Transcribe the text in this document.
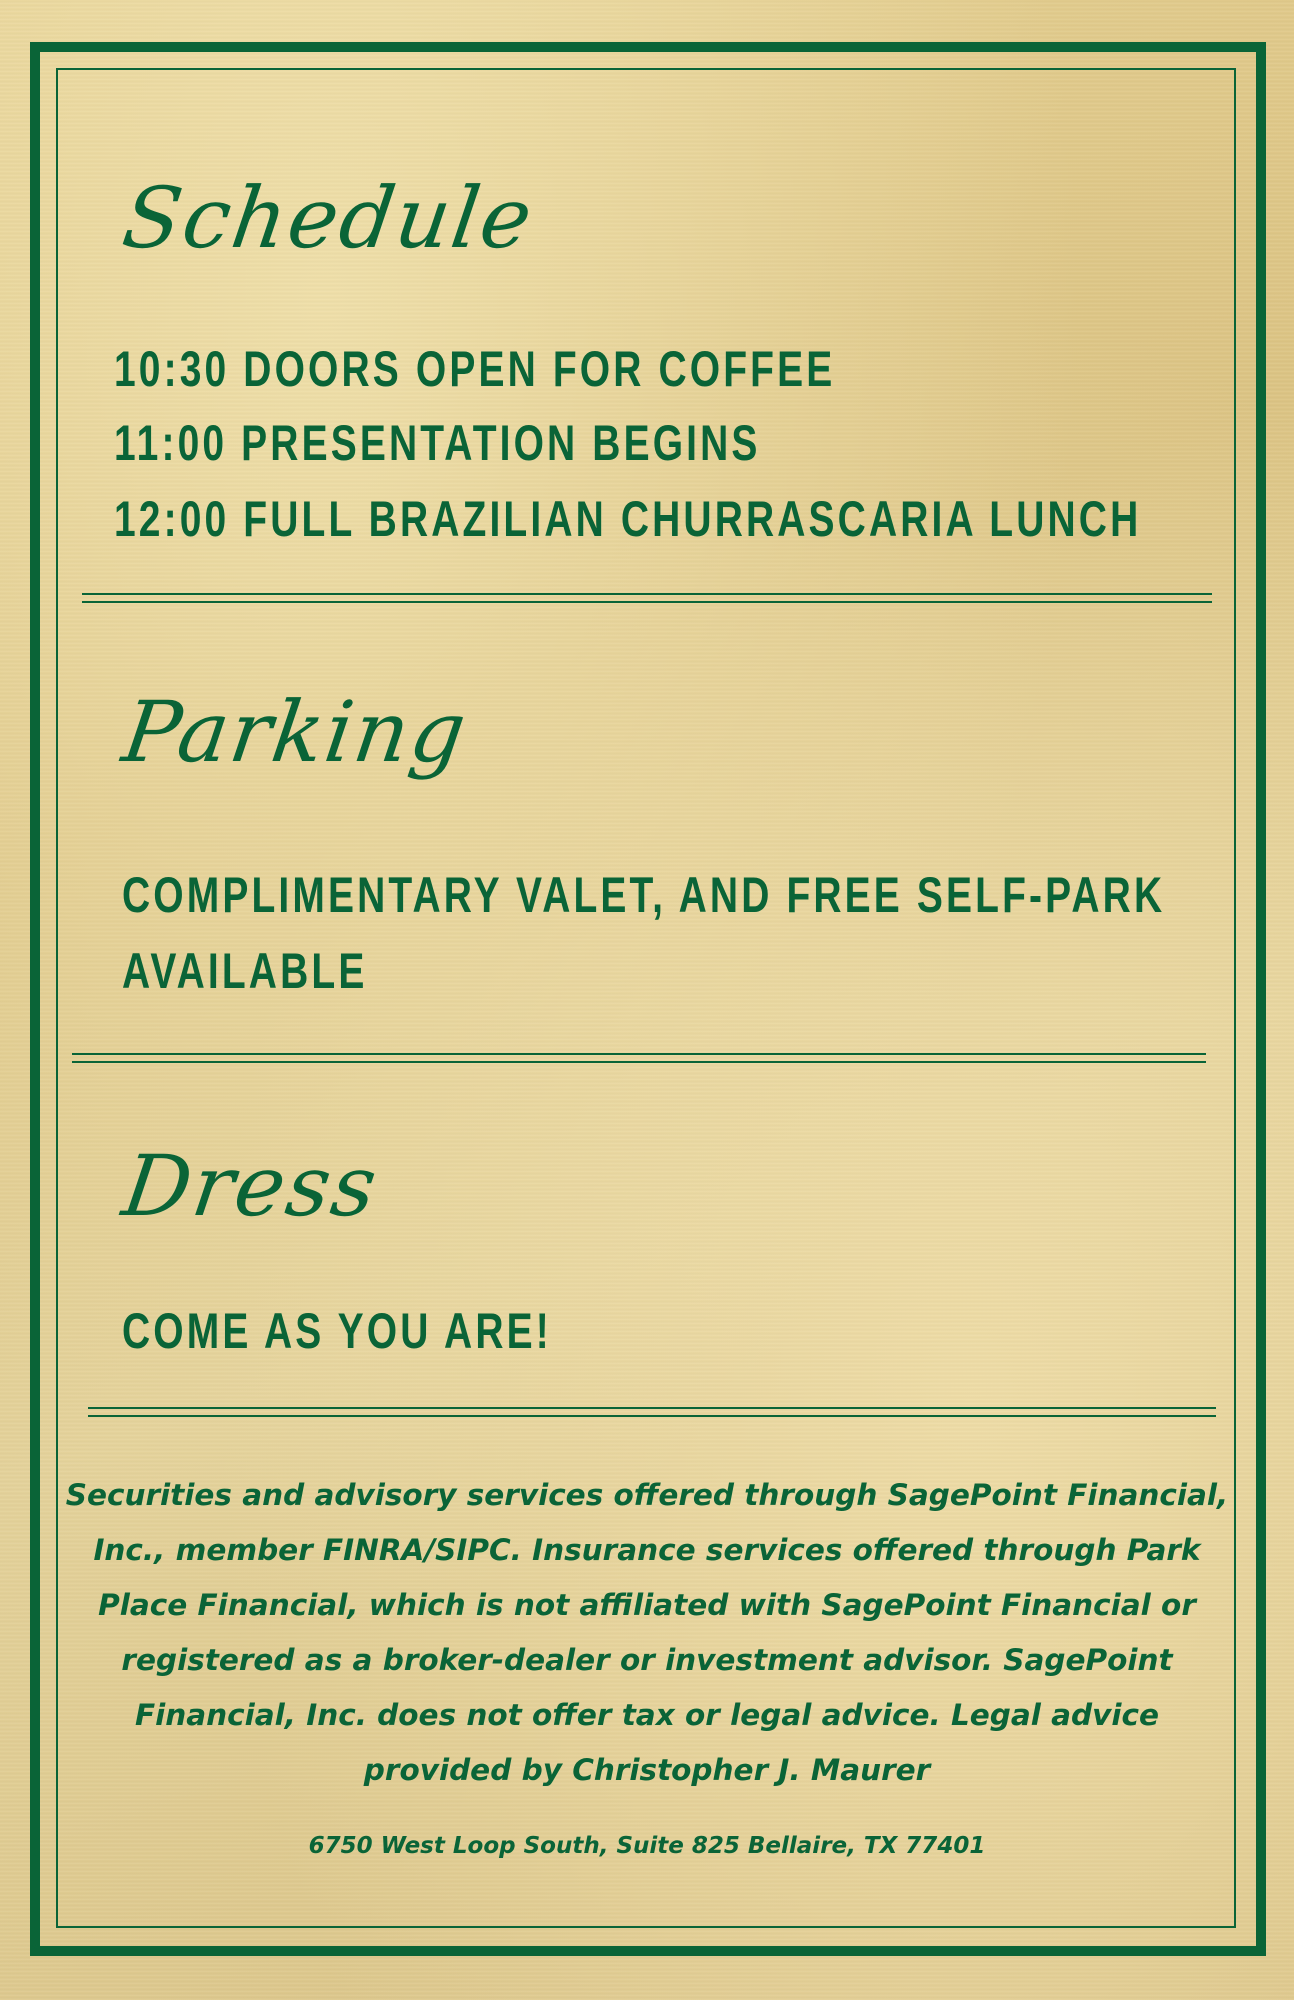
Schedule

10:30 DOORS OPEN FOR COFFEE

11:00 PRESENTATION BEGINS

12:00 FULL BRAZILIAN CHURRASCARIA LUNCH

Parking

COMPLIMENTARY VALET, AND FREE SELF-PARK

AVAILABLE

Dress

COME AS YOU ARE!

Securities and advisory services offered through SagePoint Financial, Inc., member FINRA/SIPC. Insurance services offered through Park Place Financial, which is not affiliated with SagePoint Financial or registered as a broker-dealer or investment advisor. SagePoint Financial, Inc. does not offer tax or legal advice. Legal advice provided by Christopher J. Maurer

6750 West Loop South, Suite 825 Bellaire, TX 77401
